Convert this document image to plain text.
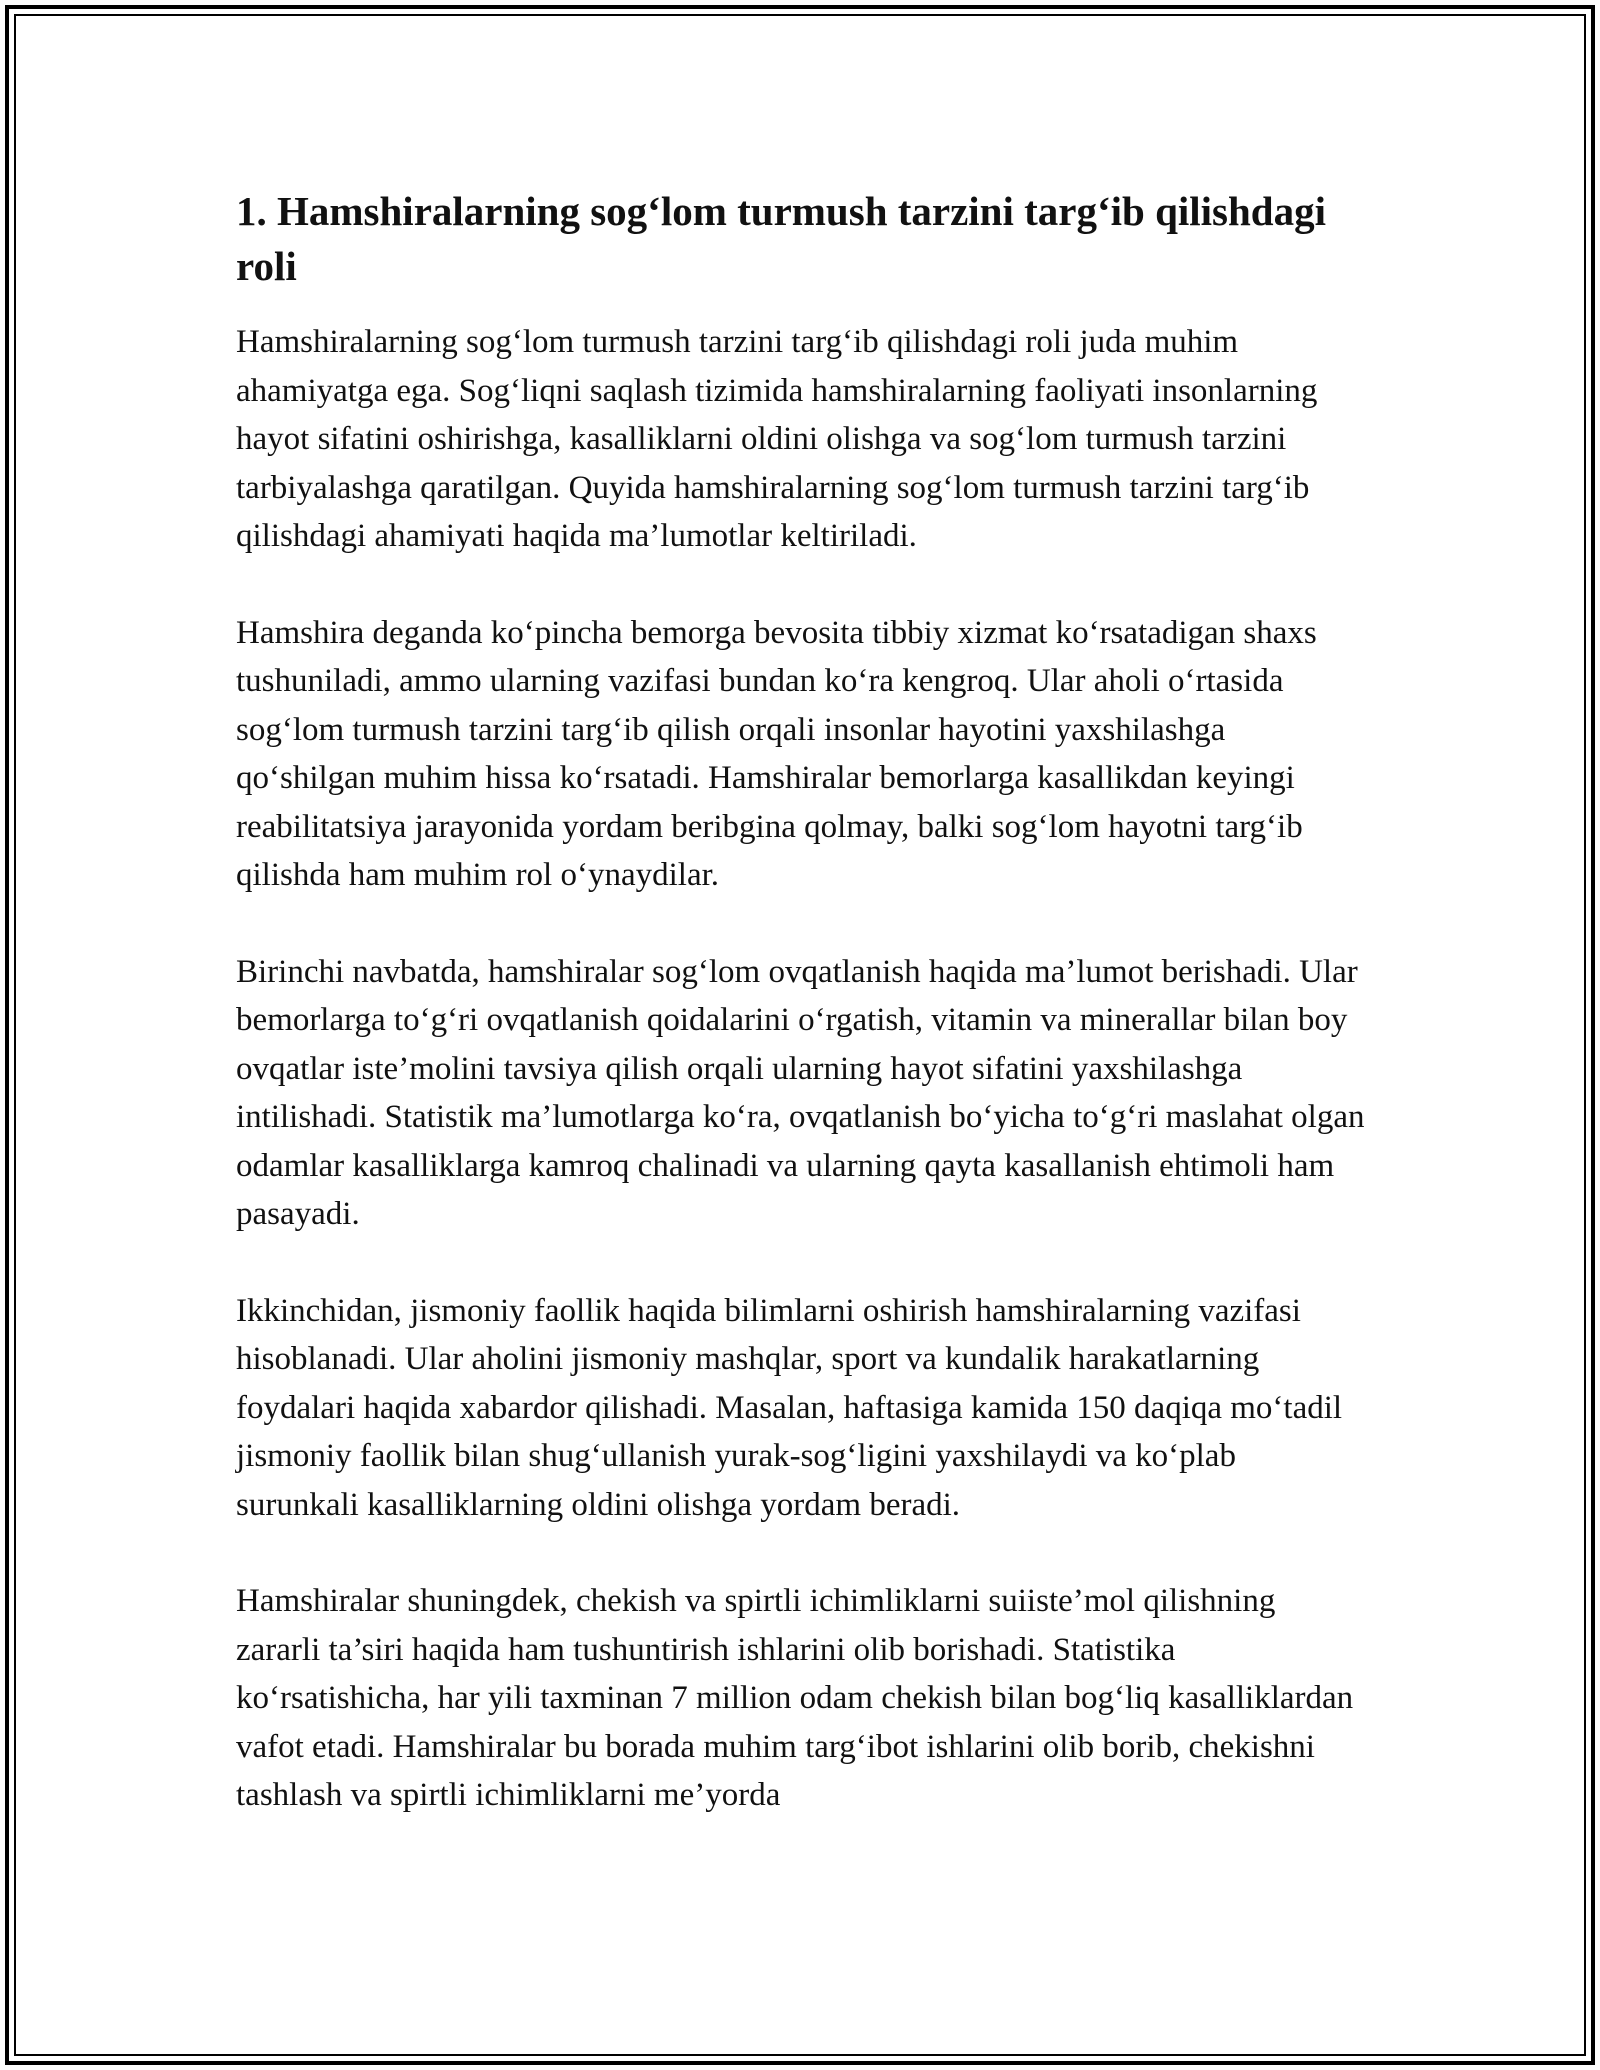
1. Hamshiralarning sog‘lom turmush tarzini targ‘ib qilishdagi roli

Hamshiralarning sog‘lom turmush tarzini targ‘ib qilishdagi roli juda muhim ahamiyatga ega. Sog‘liqni saqlash tizimida hamshiralarning faoliyati insonlarning hayot sifatini oshirishga, kasalliklarni oldini olishga va sog‘lom turmush tarzini tarbiyalashga qaratilgan. Quyida hamshiralarning sog‘lom turmush tarzini targ‘ib qilishdagi ahamiyati haqida ma’lumotlar keltiriladi.

Hamshira deganda ko‘pincha bemorga bevosita tibbiy xizmat ko‘rsatadigan shaxs tushuniladi, ammo ularning vazifasi bundan ko‘ra kengroq. Ular aholi o‘rtasida sog‘lom turmush tarzini targ‘ib qilish orqali insonlar hayotini yaxshilashga qo‘shilgan muhim hissa ko‘rsatadi. Hamshiralar bemorlarga kasallikdan keyingi reabilitatsiya jarayonida yordam beribgina qolmay, balki sog‘lom hayotni targ‘ib qilishda ham muhim rol o‘ynaydilar.

Birinchi navbatda, hamshiralar sog‘lom ovqatlanish haqida ma’lumot berishadi. Ular bemorlarga to‘g‘ri ovqatlanish qoidalarini o‘rgatish, vitamin va minerallar bilan boy ovqatlar iste’molini tavsiya qilish orqali ularning hayot sifatini yaxshilashga intilishadi. Statistik ma’lumotlarga ko‘ra, ovqatlanish bo‘yicha to‘g‘ri maslahat olgan odamlar kasalliklarga kamroq chalinadi va ularning qayta kasallanish ehtimoli ham pasayadi.

Ikkinchidan, jismoniy faollik haqida bilimlarni oshirish hamshiralarning vazifasi hisoblanadi. Ular aholini jismoniy mashqlar, sport va kundalik harakatlarning foydalari haqida xabardor qilishadi. Masalan, haftasiga kamida 150 daqiqa mo‘tadil jismoniy faollik bilan shug‘ullanish yurak-sog‘ligini yaxshilaydi va ko‘plab surunkali kasalliklarning oldini olishga yordam beradi.

Hamshiralar shuningdek, chekish va spirtli ichimliklarni suiiste’mol qilishning zararli ta’siri haqida ham tushuntirish ishlarini olib borishadi. Statistika ko‘rsatishicha, har yili taxminan 7 million odam chekish bilan bog‘liq kasalliklardan vafot etadi. Hamshiralar bu borada muhim targ‘ibot ishlarini olib borib, chekishni tashlash va spirtli ichimliklarni me’yorda
